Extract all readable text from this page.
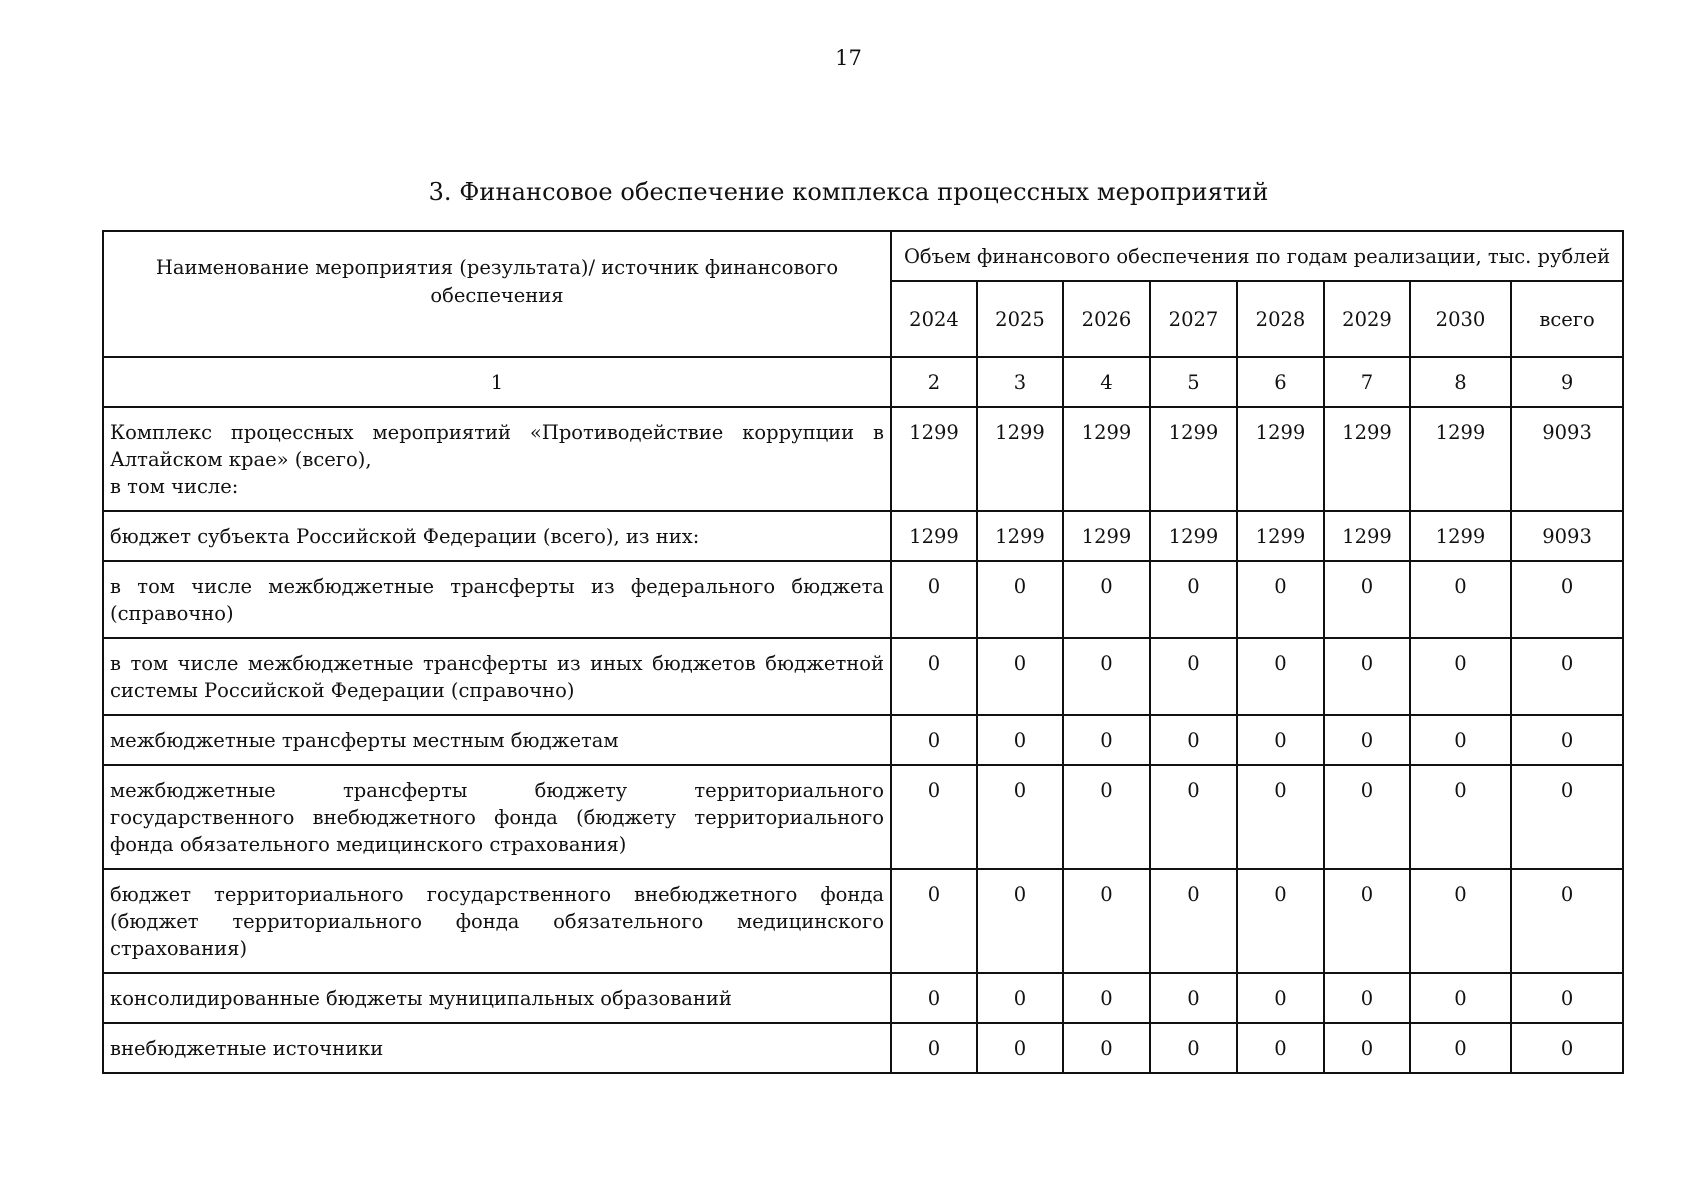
17
3. Финансовое обеспечение комплекса процессных мероприятий
Наименование мероприятия (результата)/ источник финансового обеспечения	Объем финансового обеспечения по годам реализации, тыс. рублей							
	2024	2025	2026	2027	2028	2029	2030	всего
1	2	3	4	5	6	7	8	9
Комплекс процессных мероприятий «Противодействие коррупции в Алтайском крае» (всего),
в том числе:	1299	1299	1299	1299	1299	1299	1299	9093
бюджет субъекта Российской Федерации (всего), из них:	1299	1299	1299	1299	1299	1299	1299	9093
в том числе межбюджетные трансферты из федерального бюджета (справочно)	0	0	0	0	0	0	0	0
в том числе межбюджетные трансферты из иных бюджетов бюджетной системы Российской Федерации (справочно)	0	0	0	0	0	0	0	0
межбюджетные трансферты местным бюджетам	0	0	0	0	0	0	0	0
межбюджетные трансферты бюджету территориального государственного внебюджетного фонда (бюджету территориального фонда обязательного медицинского страхования)	0	0	0	0	0	0	0	0
бюджет территориального государственного внебюджетного фонда (бюджет территориального фонда обязательного медицинского страхования)	0	0	0	0	0	0	0	0
консолидированные бюджеты муниципальных образований	0	0	0	0	0	0	0	0
внебюджетные источники	0	0	0	0	0	0	0	0
